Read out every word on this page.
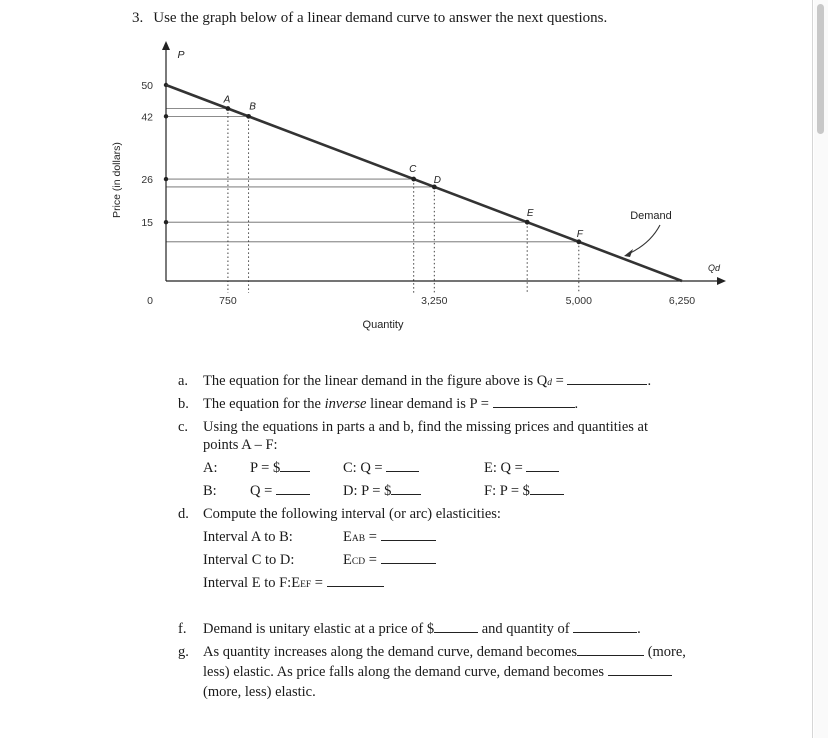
3. Use the graph below of a linear demand curve to answer the next questions.
50
42
26
15
0	750	3,250	5,000	6,250
A
B
C
D
E
F
Demand
P
Qd
Quantity
Price (in dollars)
a. The equation for the linear demand in the figure above is Qd =	.
b. The equation for the inverse linear demand is P =	.
c. Using the equations in parts a and b, find the missing prices and quantities at
points A – F:
A: P = $	C: Q =	E: Q =
B: Q =	D: P = $	F: P = $
d. Compute the following interval (or arc) elasticities:
Interval A to B:	EAB =
Interval C to D:	ECD =
Interval E to F:EEF =
f. Demand is unitary elastic at a price of $	and quantity of	.
g. As quantity increases along the demand curve, demand becomes	(more,
less) elastic. As price falls along the demand curve, demand becomes
(more, less) elastic.
